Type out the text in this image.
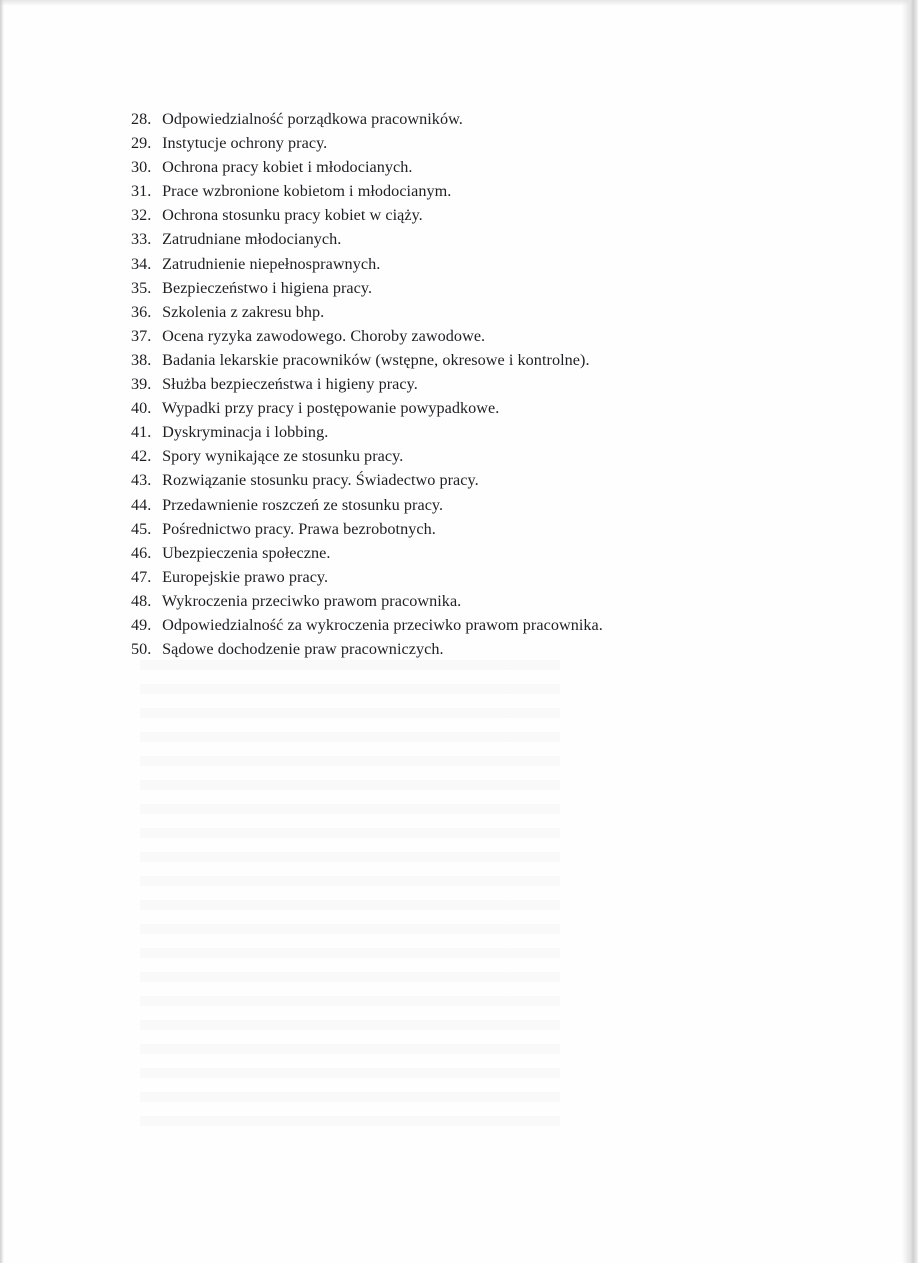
28. Odpowiedzialność porządkowa pracowników.
29. Instytucje ochrony pracy.
30. Ochrona pracy kobiet i młodocianych.
31. Prace wzbronione kobietom i młodocianym.
32. Ochrona stosunku pracy kobiet w ciąży.
33. Zatrudniane młodocianych.
34. Zatrudnienie niepełnosprawnych.
35. Bezpieczeństwo i higiena pracy.
36. Szkolenia z zakresu bhp.
37. Ocena ryzyka zawodowego. Choroby zawodowe.
38. Badania lekarskie pracowników (wstępne, okresowe i kontrolne).
39. Służba bezpieczeństwa i higieny pracy.
40. Wypadki przy pracy i postępowanie powypadkowe.
41. Dyskryminacja i lobbing.
42. Spory wynikające ze stosunku pracy.
43. Rozwiązanie stosunku pracy. Świadectwo pracy.
44. Przedawnienie roszczeń ze stosunku pracy.
45. Pośrednictwo pracy. Prawa bezrobotnych.
46. Ubezpieczenia społeczne.
47. Europejskie prawo pracy.
48. Wykroczenia przeciwko prawom pracownika.
49. Odpowiedzialność za wykroczenia przeciwko prawom pracownika.
50. Sądowe dochodzenie praw pracowniczych.
